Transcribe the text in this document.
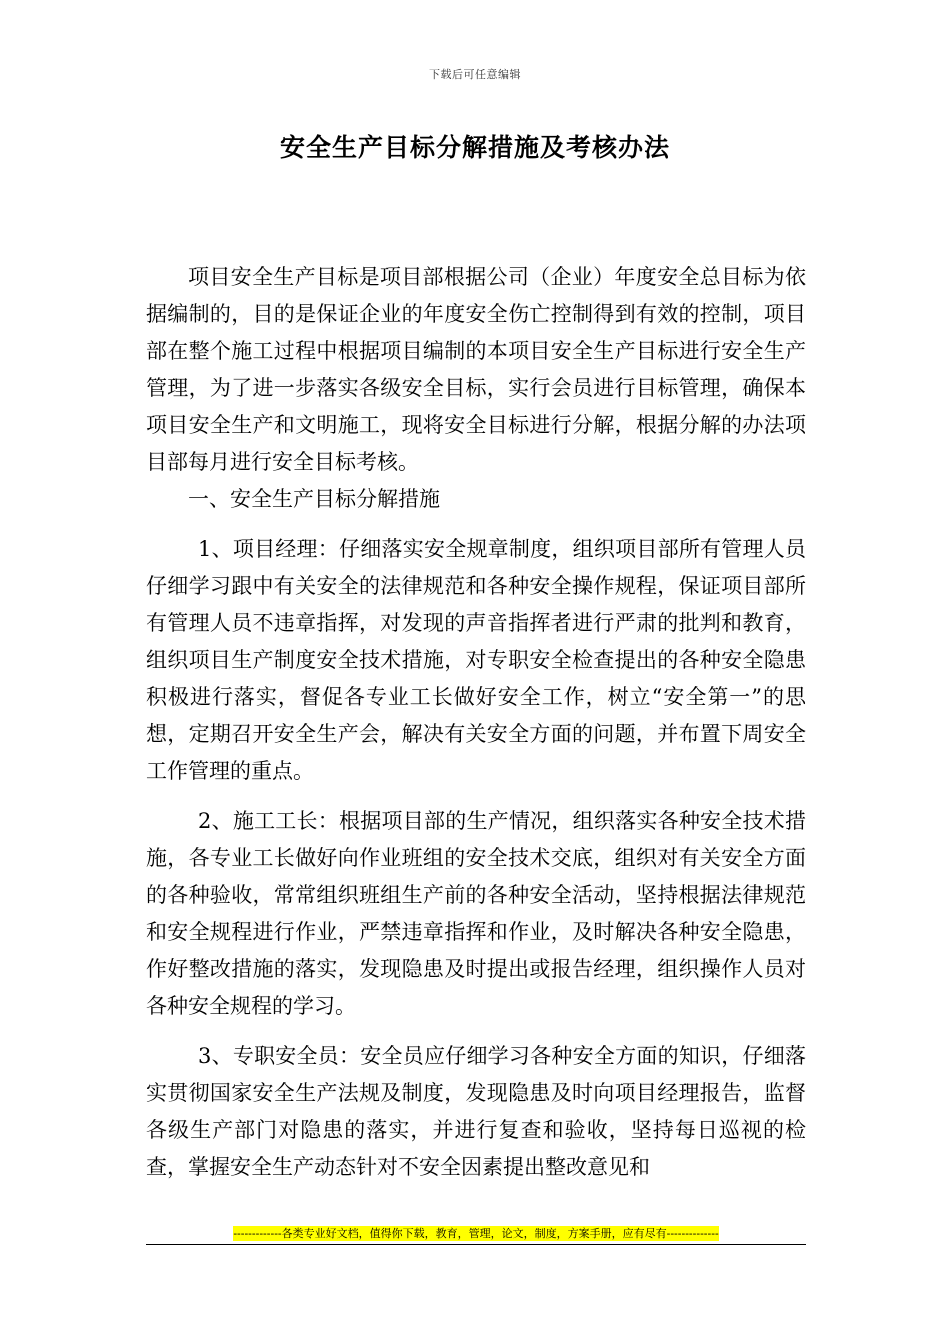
下载后可任意编辑
安全生产目标分解措施及考核办法

项目安全生产目标是项目部根据公司（企业）年度安全总目标为依据编制的，目的是保证企业的年度安全伤亡控制得到有效的控制，项目部在整个施工过程中根据项目编制的本项目安全生产目标进行安全生产管理，为了进一步落实各级安全目标，实行会员进行目标管理，确保本项目安全生产和文明施工，现将安全目标进行分解，根据分解的办法项目部每月进行安全目标考核。

一、安全生产目标分解措施

1、项目经理：仔细落实安全规章制度，组织项目部所有管理人员仔细学习跟中有关安全的法律规范和各种安全操作规程，保证项目部所有管理人员不违章指挥，对发现的声音指挥者进行严肃的批判和教育，组织项目生产制度安全技术措施，对专职安全检查提出的各种安全隐患积极进行落实，督促各专业工长做好安全工作，树立“安全第一”的思想，定期召开安全生产会，解决有关安全方面的问题，并布置下周安全工作管理的重点。

2、施工工长：根据项目部的生产情况，组织落实各种安全技术措施，各专业工长做好向作业班组的安全技术交底，组织对有关安全方面的各种验收，常常组织班组生产前的各种安全活动，坚持根据法律规范和安全规程进行作业，严禁违章指挥和作业，及时解决各种安全隐患，作好整改措施的落实，发现隐患及时提出或报告经理，组织操作人员对各种安全规程的学习。

3、专职安全员：安全员应仔细学习各种安全方面的知识，仔细落实贯彻国家安全生产法规及制度，发现隐患及时向项目经理报告，监督各级生产部门对隐患的落实，并进行复查和验收，坚持每日巡视的检查，掌握安全生产动态针对不安全因素提出整改意见和

-------------各类专业好文档，值得你下载，教育，管理，论文，制度，方案手册，应有尽有--------------
